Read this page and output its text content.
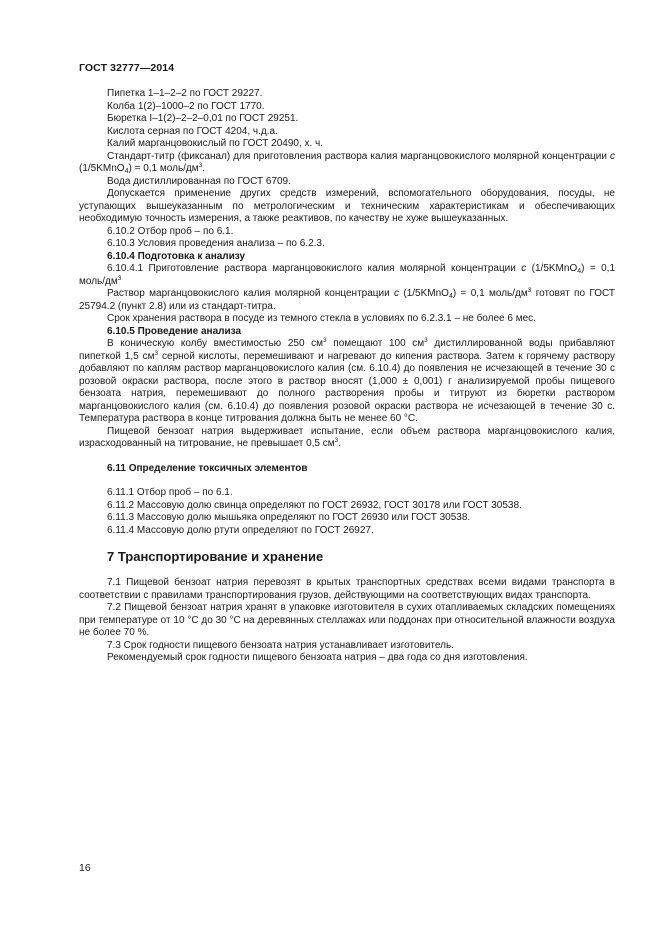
ГОСТ 32777—2014

Пипетка 1–1–2–2 по ГОСТ 29227.

Колба 1(2)–1000–2 по ГОСТ 1770.

Бюретка I–1(2)–2–2–0,01 по ГОСТ 29251.

Кислота серная по ГОСТ 4204, ч.д.а.

Калий марганцовокислый по ГОСТ 20490, х. ч.

Стандарт-титр (фиксанал) для приготовления раствора калия марганцовокислого молярной концентрации c (1/5KMnO$_4$) = 0,1 моль/$дм^3$.

Вода дистиллированная по ГОСТ 6709.

Допускается применение других средств измерений, вспомогательного оборудования, посуды, не уступающих вышеуказанным по метрологическим и техническим характеристикам и обеспечивающих необходимую точность измерения, а также реактивов, по качеству не хуже вышеуказанных.

6.10.2 Отбор проб – по 6.1.

6.10.3 Условия проведения анализа – по 6.2.3.

6.10.4 Подготовка к анализу

6.10.4.1 Приготовление раствора марганцовокислого калия молярной концентрации c (1/5KMnO$_4$) = 0,1 моль/$дм^3$

Раствор марганцовокислого калия молярной концентрации c (1/5KMnO$_4$) = 0,1 моль/$дм^3$ готовят по ГОСТ 25794.2 (пункт 2.8) или из стандарт-титра.

Срок хранения раствора в посуде из темного стекла в условиях по 6.2.3.1 – не более 6 мес.

6.10.5 Проведение анализа

В коническую колбу вместимостью 250 $см^3$ помещают 100 $см^3$ дистиллированной воды прибавляют пипеткой 1,5 $см^3$ серной кислоты, перемешивают и нагревают до кипения раствора. Затем к горячему раствору добавляют по каплям раствор марганцовокислого калия (см. 6.10.4) до появления не исчезающей в течение 30 с розовой окраски раствора, после этого в раствор вносят (1,000 ± 0,001) г анализируемой пробы пищевого бензоата натрия, перемешивают до полного растворения пробы и титруют из бюретки раствором марганцовокислого калия (см. 6.10.4) до появления розовой окраски раствора не исчезающей в течение 30 с. Температура раствора в конце титрования должна быть не менее 60 °С.

Пищевой бензоат натрия выдерживает испытание, если объем раствора марганцовокислого калия, израсходованный на титрование, не превышает 0,5 $см^3$.

6.11 Определение токсичных элементов

6.11.1 Отбор проб – по 6.1.

6.11.2 Массовую долю свинца определяют по ГОСТ 26932, ГОСТ 30178 или ГОСТ 30538.

6.11.3 Массовую долю мышьяка определяют по ГОСТ 26930 или ГОСТ 30538.

6.11.4 Массовую долю ртути определяют по ГОСТ 26927.

7 Транспортирование и хранение

7.1 Пищевой бензоат натрия перевозят в крытых транспортных средствах всеми видами транспорта в соответствии с правилами транспортирования грузов, действующими на соответствующих видах транспорта.

7.2 Пищевой бензоат натрия хранят в упаковке изготовителя в сухих отапливаемых складских помещениях при температуре от 10 °С до 30 °С на деревянных стеллажах или поддонах при относительной влажности воздуха не более 70 %.

7.3 Срок годности пищевого бензоата натрия устанавливает изготовитель.

Рекомендуемый срок годности пищевого бензоата натрия – два года со дня изготовления.

16
